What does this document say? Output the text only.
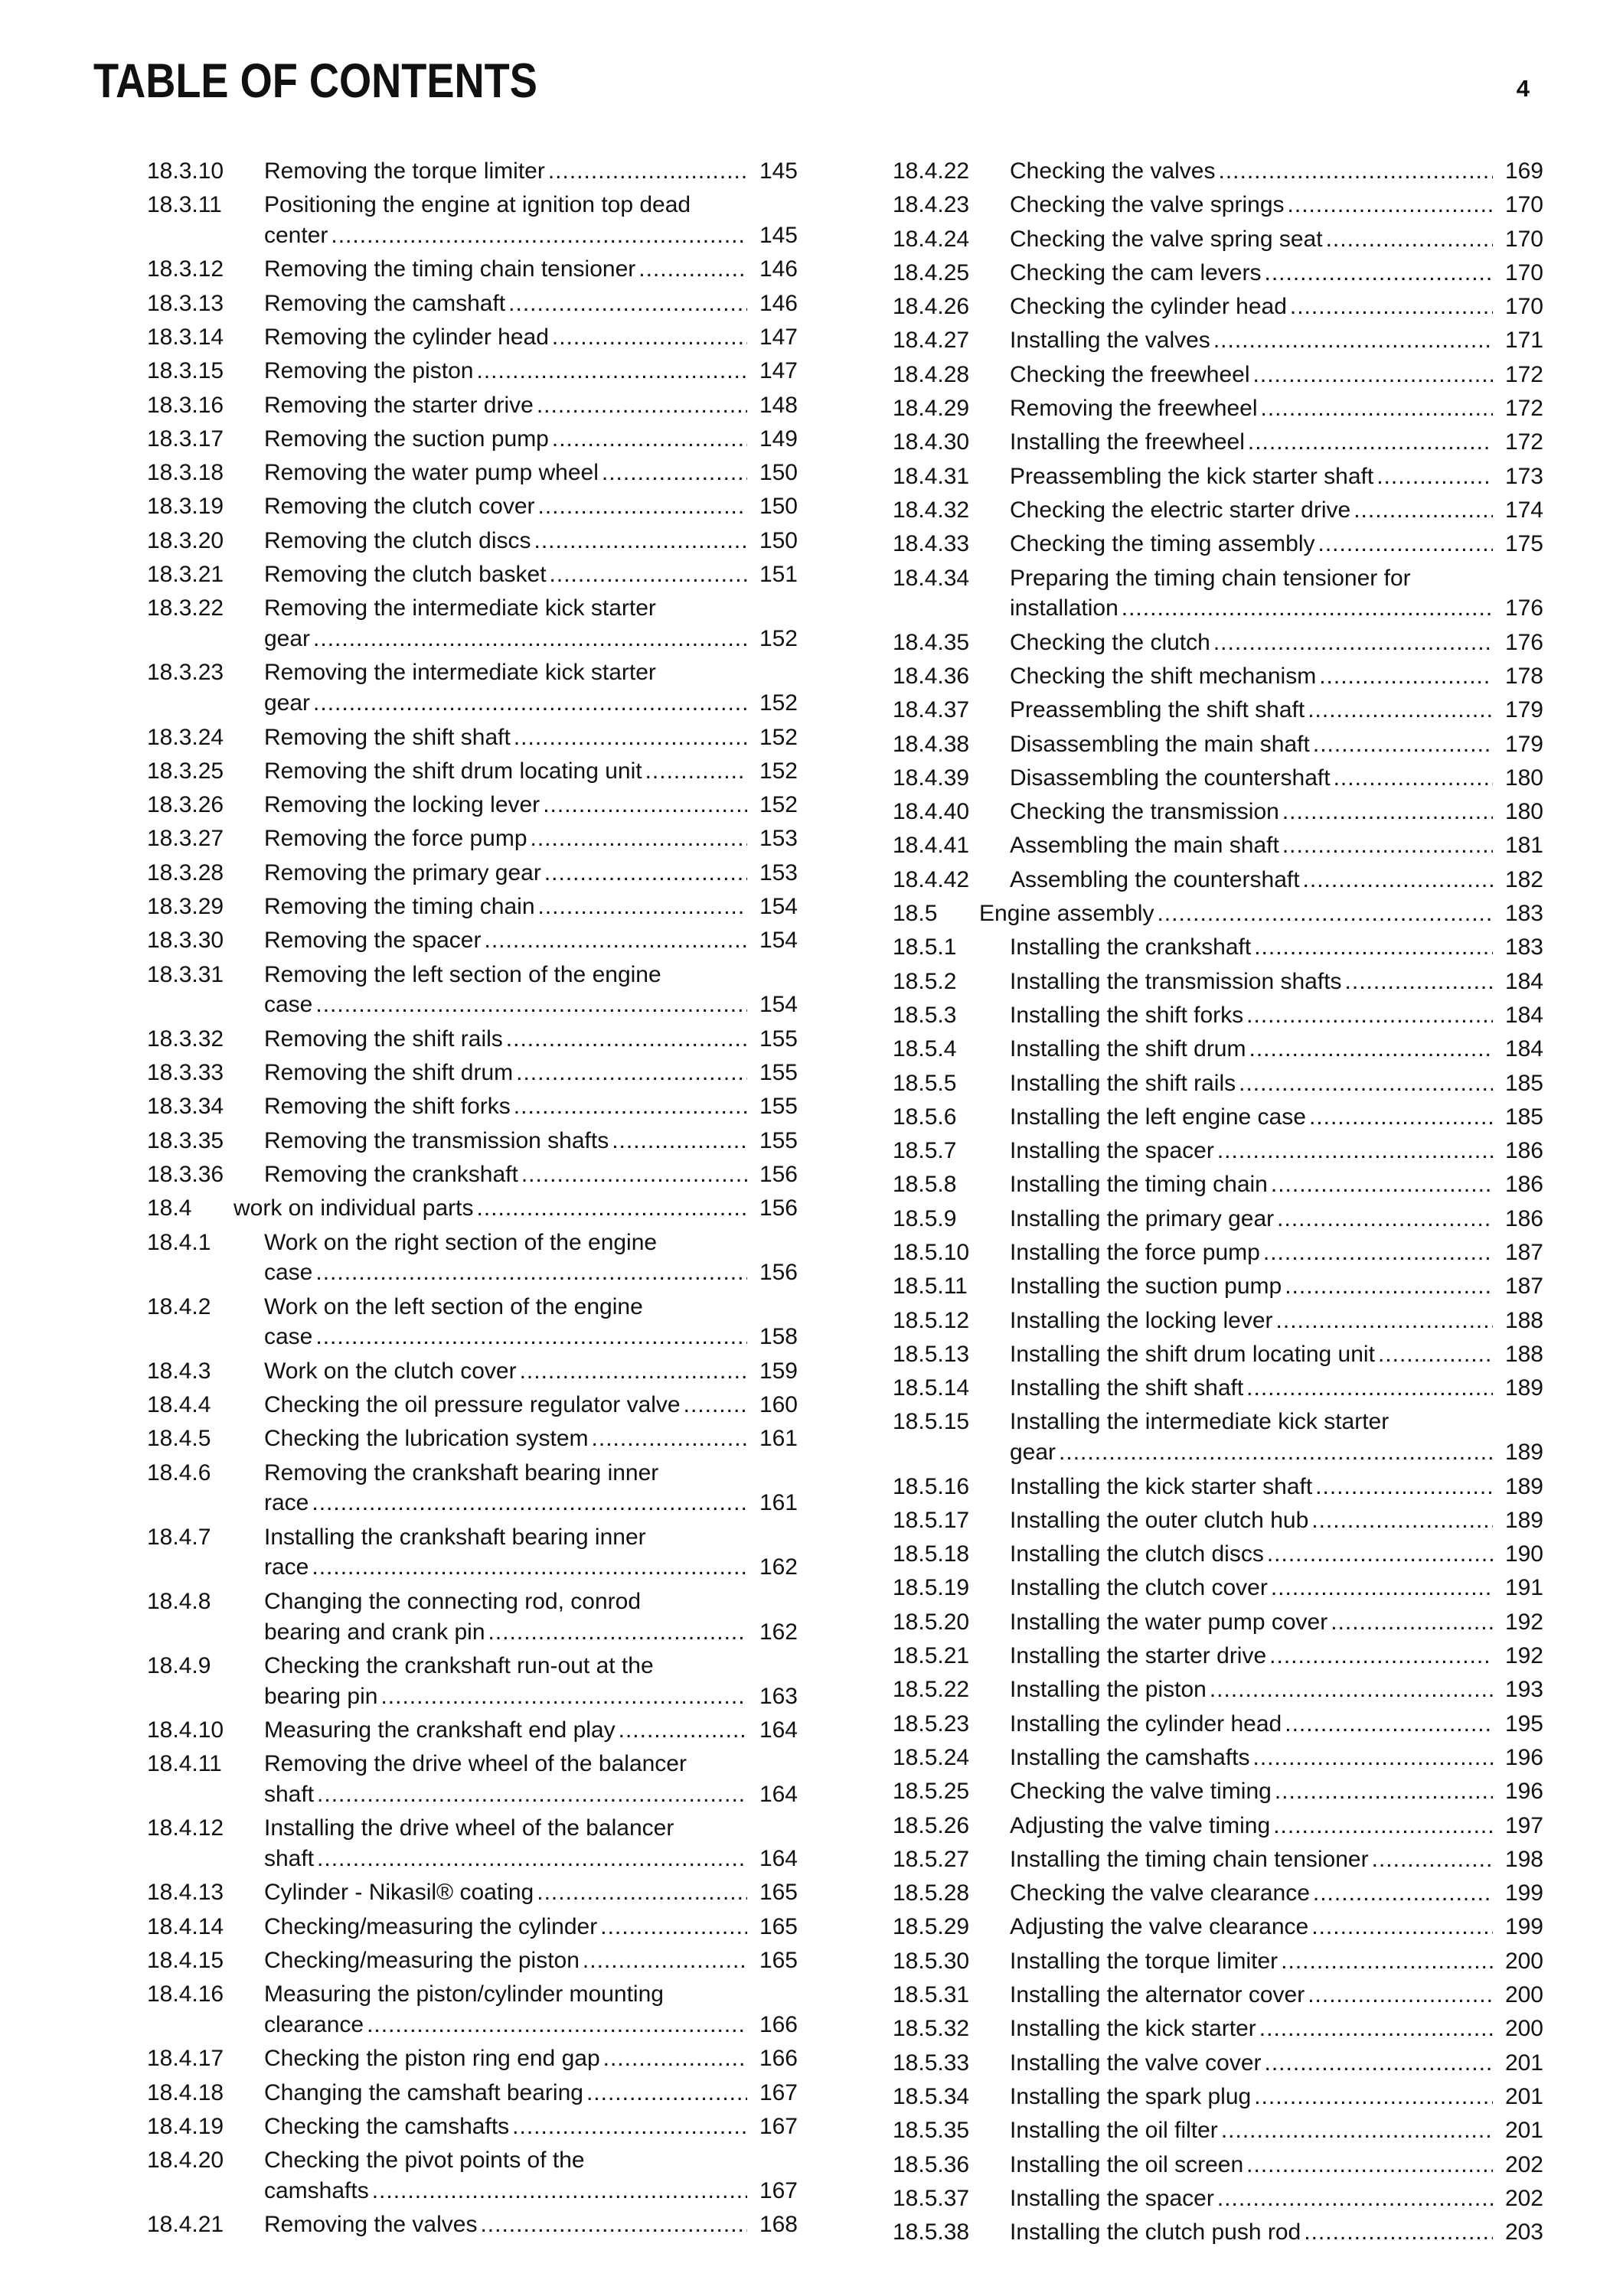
TABLE OF CONTENTS	4
18.3.10 Removing the torque limiter .....	145
18.3.11 Positioning the engine at ignition top dead
center .....	145
18.3.12 Removing the timing chain tensioner .....	146
18.3.13 Removing the camshaft .....	146
18.3.14 Removing the cylinder head .....	147
18.3.15 Removing the piston .....	147
18.3.16 Removing the starter drive .....	148
18.3.17 Removing the suction pump .....	149
18.3.18 Removing the water pump wheel .....	150
18.3.19 Removing the clutch cover .....	150
18.3.20 Removing the clutch discs .....	150
18.3.21 Removing the clutch basket .....	151
18.3.22 Removing the intermediate kick starter
gear .....	152
18.3.23 Removing the intermediate kick starter
gear .....	152
18.3.24 Removing the shift shaft .....	152
18.3.25 Removing the shift drum locating unit .....	152
18.3.26 Removing the locking lever .....	152
18.3.27 Removing the force pump .....	153
18.3.28 Removing the primary gear .....	153
18.3.29 Removing the timing chain .....	154
18.3.30 Removing the spacer .....	154
18.3.31 Removing the left section of the engine
case .....	154
18.3.32 Removing the shift rails .....	155
18.3.33 Removing the shift drum .....	155
18.3.34 Removing the shift forks .....	155
18.3.35 Removing the transmission shafts .....	155
18.3.36 Removing the crankshaft .....	156
18.4 work on individual parts .....	156
18.4.1 Work on the right section of the engine
case .....	156
18.4.2 Work on the left section of the engine
case .....	158
18.4.3 Work on the clutch cover .....	159
18.4.4 Checking the oil pressure regulator valve .....	160
18.4.5 Checking the lubrication system .....	161
18.4.6 Removing the crankshaft bearing inner
race .....	161
18.4.7 Installing the crankshaft bearing inner
race .....	162
18.4.8 Changing the connecting rod, conrod
bearing and crank pin .....	162
18.4.9 Checking the crankshaft run-out at the
bearing pin .....	163
18.4.10 Measuring the crankshaft end play .....	164
18.4.11 Removing the drive wheel of the balancer
shaft .....	164
18.4.12 Installing the drive wheel of the balancer
shaft .....	164
18.4.13 Cylinder - Nikasil® coating .....	165
18.4.14 Checking/measuring the cylinder .....	165
18.4.15 Checking/measuring the piston .....	165
18.4.16 Measuring the piston/cylinder mounting
clearance .....	166
18.4.17 Checking the piston ring end gap .....	166
18.4.18 Changing the camshaft bearing .....	167
18.4.19 Checking the camshafts .....	167
18.4.20 Checking the pivot points of the
camshafts .....	167
18.4.21 Removing the valves .....	168
18.4.22 Checking the valves .....	169
18.4.23 Checking the valve springs .....	170
18.4.24 Checking the valve spring seat .....	170
18.4.25 Checking the cam levers .....	170
18.4.26 Checking the cylinder head .....	170
18.4.27 Installing the valves .....	171
18.4.28 Checking the freewheel .....	172
18.4.29 Removing the freewheel .....	172
18.4.30 Installing the freewheel .....	172
18.4.31 Preassembling the kick starter shaft .....	173
18.4.32 Checking the electric starter drive .....	174
18.4.33 Checking the timing assembly .....	175
18.4.34 Preparing the timing chain tensioner for
installation .....	176
18.4.35 Checking the clutch .....	176
18.4.36 Checking the shift mechanism .....	178
18.4.37 Preassembling the shift shaft .....	179
18.4.38 Disassembling the main shaft .....	179
18.4.39 Disassembling the countershaft .....	180
18.4.40 Checking the transmission .....	180
18.4.41 Assembling the main shaft .....	181
18.4.42 Assembling the countershaft .....	182
18.5 Engine assembly .....	183
18.5.1 Installing the crankshaft .....	183
18.5.2 Installing the transmission shafts .....	184
18.5.3 Installing the shift forks .....	184
18.5.4 Installing the shift drum .....	184
18.5.5 Installing the shift rails .....	185
18.5.6 Installing the left engine case .....	185
18.5.7 Installing the spacer .....	186
18.5.8 Installing the timing chain .....	186
18.5.9 Installing the primary gear .....	186
18.5.10 Installing the force pump .....	187
18.5.11 Installing the suction pump .....	187
18.5.12 Installing the locking lever .....	188
18.5.13 Installing the shift drum locating unit .....	188
18.5.14 Installing the shift shaft .....	189
18.5.15 Installing the intermediate kick starter
gear .....	189
18.5.16 Installing the kick starter shaft .....	189
18.5.17 Installing the outer clutch hub .....	189
18.5.18 Installing the clutch discs .....	190
18.5.19 Installing the clutch cover .....	191
18.5.20 Installing the water pump cover .....	192
18.5.21 Installing the starter drive .....	192
18.5.22 Installing the piston .....	193
18.5.23 Installing the cylinder head .....	195
18.5.24 Installing the camshafts .....	196
18.5.25 Checking the valve timing .....	196
18.5.26 Adjusting the valve timing .....	197
18.5.27 Installing the timing chain tensioner .....	198
18.5.28 Checking the valve clearance .....	199
18.5.29 Adjusting the valve clearance .....	199
18.5.30 Installing the torque limiter .....	200
18.5.31 Installing the alternator cover .....	200
18.5.32 Installing the kick starter .....	200
18.5.33 Installing the valve cover .....	201
18.5.34 Installing the spark plug .....	201
18.5.35 Installing the oil filter .....	201
18.5.36 Installing the oil screen .....	202
18.5.37 Installing the spacer .....	202
18.5.38 Installing the clutch push rod .....	203
